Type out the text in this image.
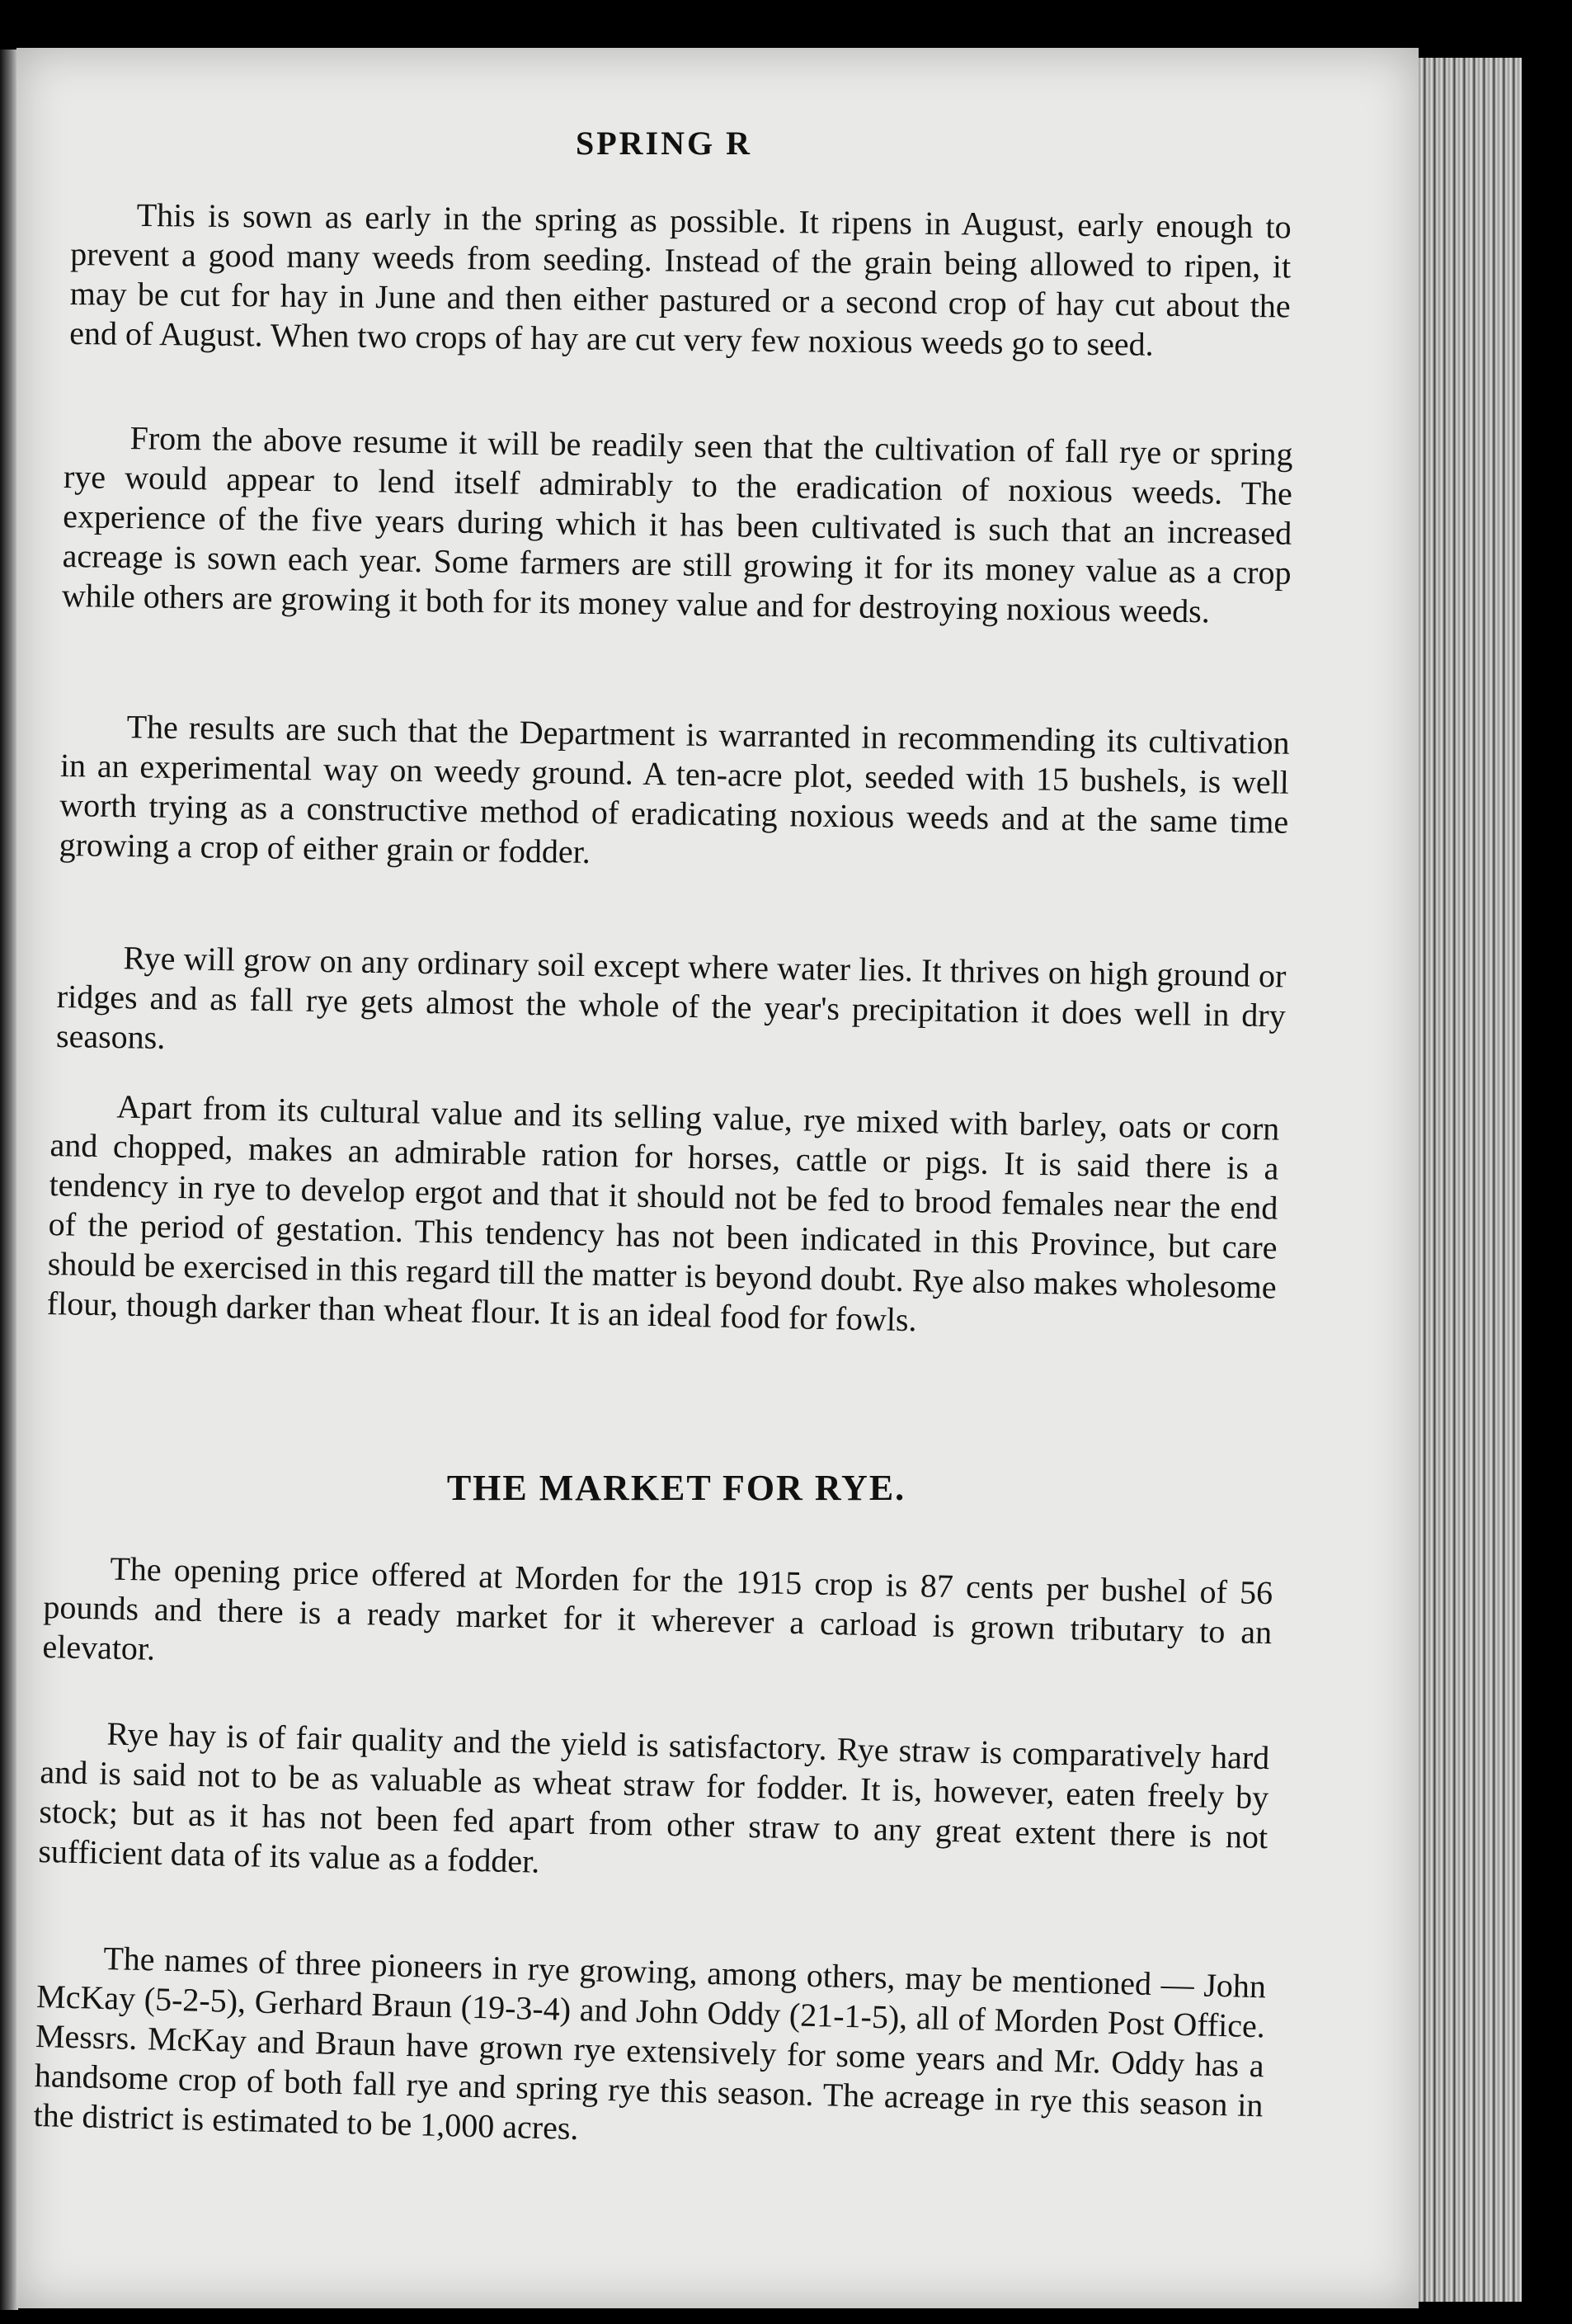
SPRING R

This is sown as early in the spring as possible. It ripens in August, early enough to prevent a good many weeds from seeding. Instead of the grain being allowed to ripen, it may be cut for hay in June and then either pastured or a second crop of hay cut about the end of August. When two crops of hay are cut very few noxious weeds go to seed.

From the above resume it will be readily seen that the cultivation of fall rye or spring rye would appear to lend itself admirably to the eradication of noxious weeds. The experience of the five years during which it has been cultivated is such that an increased acreage is sown each year. Some farmers are still growing it for its money value as a crop while others are growing it both for its money value and for destroying noxious weeds.

The results are such that the Department is warranted in recommending its cultivation in an experimental way on weedy ground. A ten-acre plot, seeded with 15 bushels, is well worth trying as a constructive method of eradicating noxious weeds and at the same time growing a crop of either grain or fodder.

Rye will grow on any ordinary soil except where water lies. It thrives on high ground or ridges and as fall rye gets almost the whole of the year's precipitation it does well in dry seasons.

Apart from its cultural value and its selling value, rye mixed with barley, oats or corn and chopped, makes an admirable ration for horses, cattle or pigs. It is said there is a tendency in rye to develop ergot and that it should not be fed to brood females near the end of the period of gestation. This tendency has not been indicated in this Province, but care should be exercised in this regard till the matter is beyond doubt. Rye also makes wholesome flour, though darker than wheat flour. It is an ideal food for fowls.

THE MARKET FOR RYE.

The opening price offered at Morden for the 1915 crop is 87 cents per bushel of 56 pounds and there is a ready market for it wherever a carload is grown tributary to an elevator.

Rye hay is of fair quality and the yield is satisfactory. Rye straw is comparatively hard and is said not to be as valuable as wheat straw for fodder. It is, however, eaten freely by stock; but as it has not been fed apart from other straw to any great extent there is not sufficient data of its value as a fodder.

The names of three pioneers in rye growing, among others, may be mentioned — John McKay (5-2-5), Gerhard Braun (19-3-4) and John Oddy (21-1-5), all of Morden Post Office. Messrs. McKay and Braun have grown rye extensively for some years and Mr. Oddy has a handsome crop of both fall rye and spring rye this season. The acreage in rye this season in the district is estimated to be 1,000 acres.
